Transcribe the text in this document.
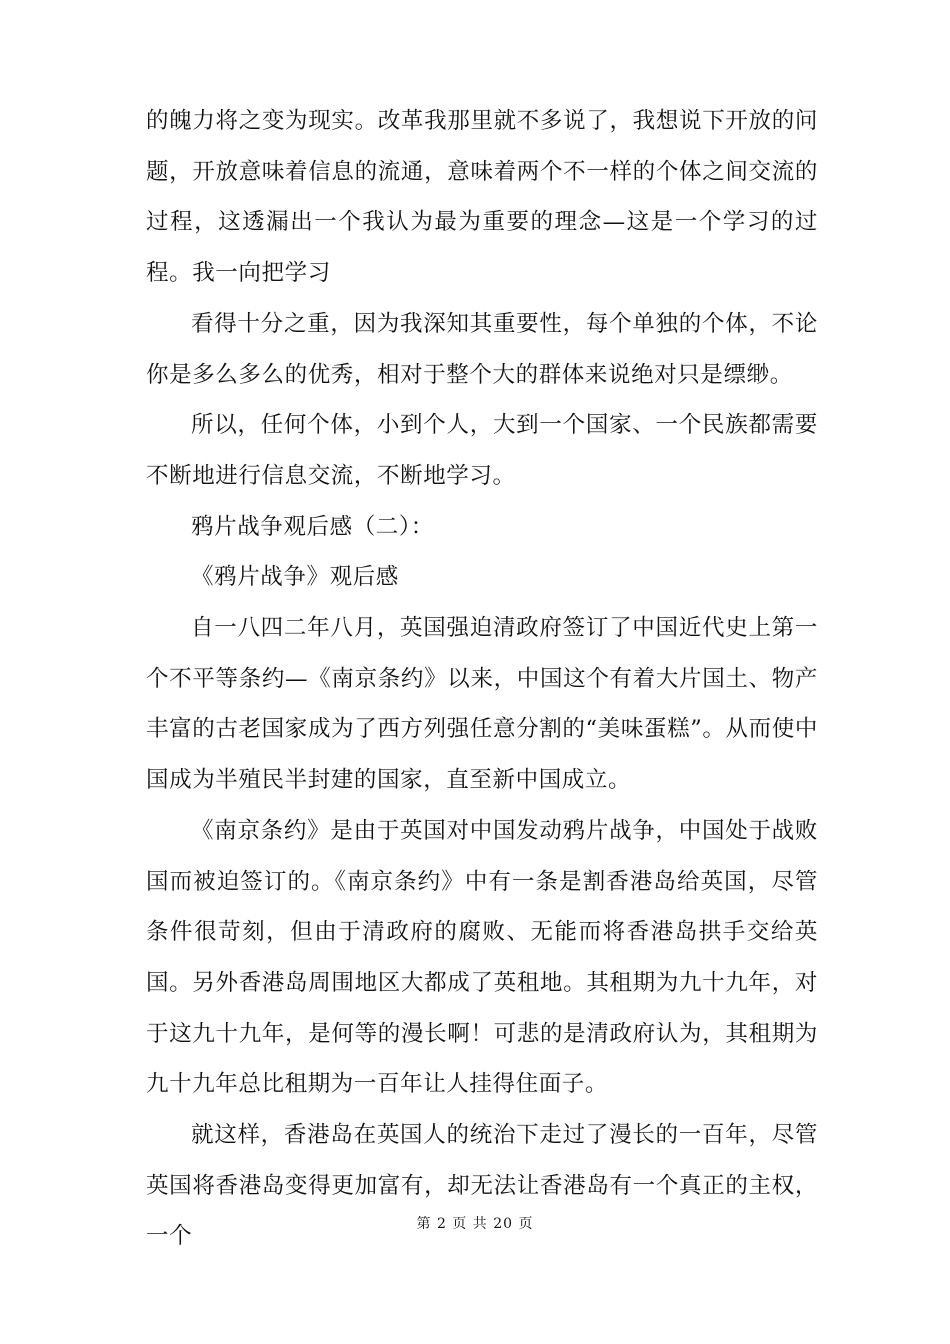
的魄力将之变为现实。改革我那里就不多说了，我想说下开放的问题，开放意味着信息的流通，意味着两个不一样的个体之间交流的过程，这透漏出一个我认为最为重要的理念—这是一个学习的过程。我一向把学习

看得十分之重，因为我深知其重要性，每个单独的个体，不论你是多么多么的优秀，相对于整个大的群体来说绝对只是缥缈。

所以，任何个体，小到个人，大到一个国家、一个民族都需要不断地进行信息交流，不断地学习。

鸦片战争观后感（二）：

《鸦片战争》观后感

自一八四二年八月，英国强迫清政府签订了中国近代史上第一个不平等条约—《南京条约》以来，中国这个有着大片国土、物产丰富的古老国家成为了西方列强任意分割的“美味蛋糕”。从而使中国成为半殖民半封建的国家，直至新中国成立。

《南京条约》是由于英国对中国发动鸦片战争，中国处于战败国而被迫签订的。《南京条约》中有一条是割香港岛给英国，尽管条件很苛刻，但由于清政府的腐败、无能而将香港岛拱手交给英国。另外香港岛周围地区大都成了英租地。其租期为九十九年，对于这九十九年，是何等的漫长啊！可悲的是清政府认为，其租期为九十九年总比租期为一百年让人挂得住面子。

就这样，香港岛在英国人的统治下走过了漫长的一百年，尽管英国将香港岛变得更加富有，却无法让香港岛有一个真正的主权，一个	第 2 页 共 20 页
